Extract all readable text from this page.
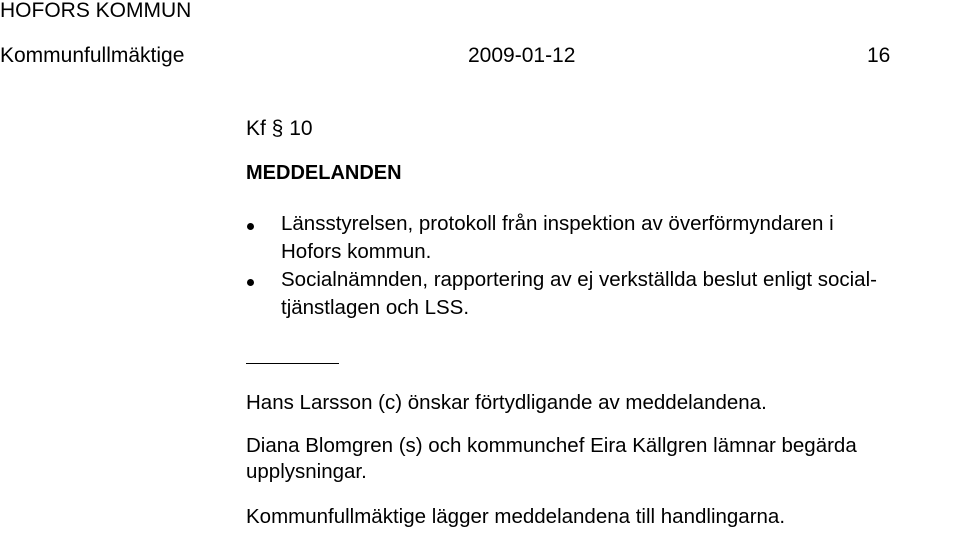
HOFORS KOMMUN
Kommunfullmäktige	2009-01-12	16
Kf § 10
MEDDELANDEN
Länsstyrelsen, protokoll från inspektion av överförmyndaren i
Hofors kommun.
Socialnämnden, rapportering av ej verkställda beslut enligt social-
tjänstlagen och LSS.
Hans Larsson (c) önskar förtydligande av meddelandena.
Diana Blomgren (s) och kommunchef Eira Källgren lämnar begärda
upplysningar.
Kommunfullmäktige lägger meddelandena till handlingarna.
